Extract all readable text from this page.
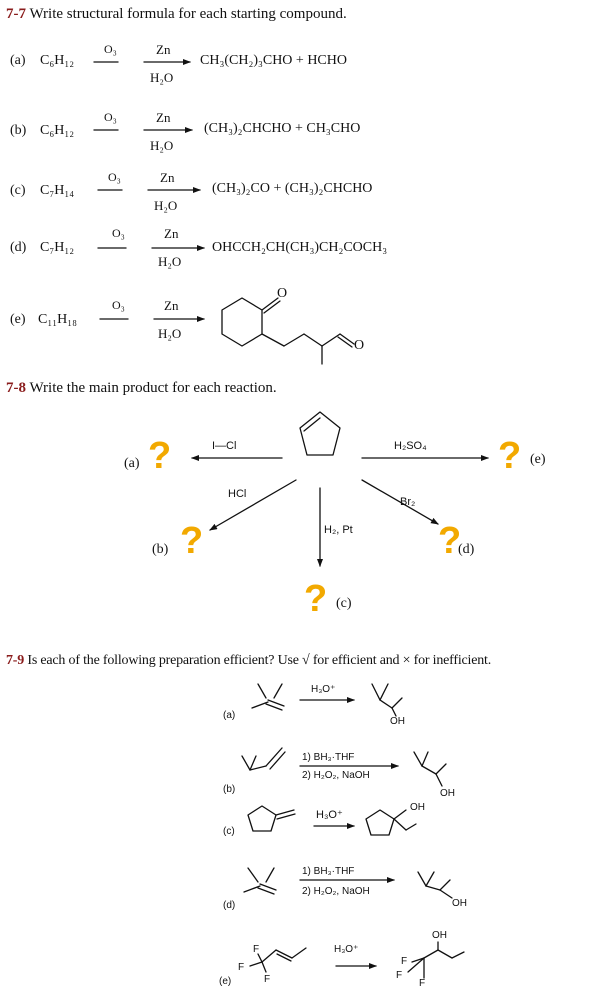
7-7 Write structural formula for each starting compound.
(a) C₆H₁₂
O₃	Zn
H₂O
CH₃(CH₂)₃CHO + HCHO
(b) C₆H₁₂
O₃	Zn
H₂O
(CH₃)₂CHCHO + CH₃CHO
(c) C₇H₁₄
O₃	Zn
H₂O
(CH₃)₂CO + (CH₃)₂CHCHO
(d) C₇H₁₂
O₃	Zn
H₂O
OHCCH₂CH(CH₃)CH₂COCH₃
(e) C₁₁H₁₈
O₃	Zn
H₂O
O
O
7-8 Write the main product for each reaction.
(a) ?	I—Cl	H₂SO₄ ? (e)
HCl
(b) ?	H₂, Pt
? (c)
Br₂
?
(d)
7-9 Is each of the following preparation efficient? Use √ for efficient and × for inefficient.
(a)
H₃O⁺
OH
(b)
1) BH₃·THF
2) H₂O₂, NaOH
OH
(c)
H₃O⁺
OH
(d)
1) BH₃·THF
2) H₂O₂, NaOH
OH
(e)
H₃O⁺
F
F
F
OH
F
F
F
